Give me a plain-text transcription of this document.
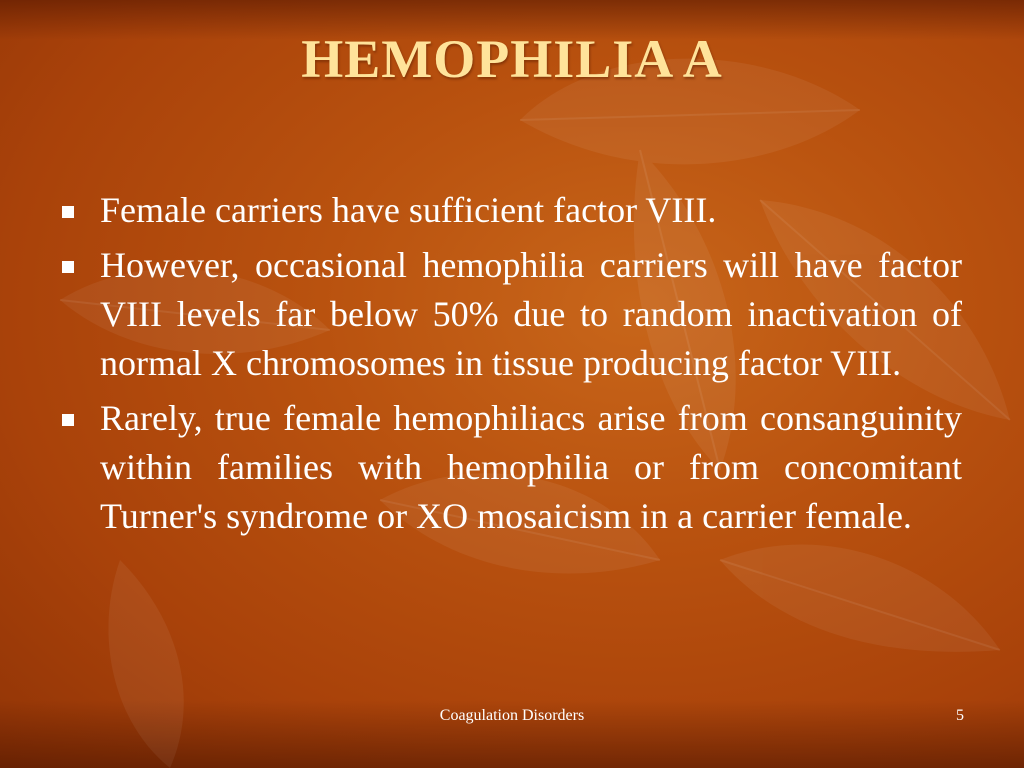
HEMOPHILIA A
Female carriers have sufficient factor VIII.
However, occasional hemophilia carriers will have factor VIII levels far below 50% due to random inactivation of normal X chromosomes in tissue producing factor VIII.
Rarely, true female hemophiliacs arise from consanguinity within families with hemophilia or from concomitant Turner's syndrome or XO mosaicism in a carrier female.
Coagulation Disorders	5
